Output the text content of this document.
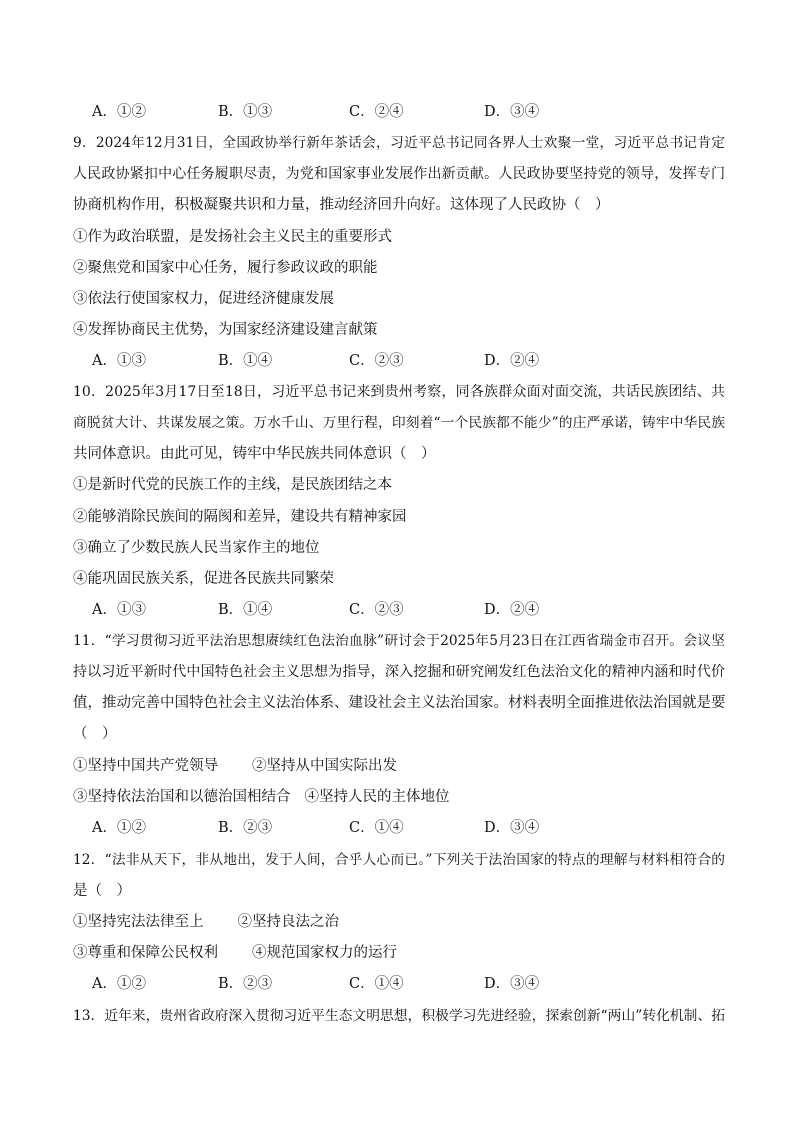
A．①②	B．①③	C．②④	D．③④
9．2024年12月31日，全国政协举行新年茶话会，习近平总书记同各界人士欢聚一堂，习近平总书记肯定
人民政协紧扣中心任务履职尽责，为党和国家事业发展作出新贡献。人民政协要坚持党的领导，发挥专门
协商机构作用，积极凝聚共识和力量，推动经济回升向好。这体现了人民政协（　）
①作为政治联盟，是发扬社会主义民主的重要形式
②聚焦党和国家中心任务，履行参政议政的职能
③依法行使国家权力，促进经济健康发展
④发挥协商民主优势，为国家经济建设建言献策
A．①③	B．①④	C．②③	D．②④
10．2025年3月17日至18日，习近平总书记来到贵州考察，同各族群众面对面交流，共话民族团结、共
商脱贫大计、共谋发展之策。万水千山、万里行程，印刻着“一个民族都不能少”的庄严承诺，铸牢中华民族
共同体意识。由此可见，铸牢中华民族共同体意识（　）
①是新时代党的民族工作的主线，是民族团结之本
②能够消除民族间的隔阂和差异，建设共有精神家园
③确立了少数民族人民当家作主的地位
④能巩固民族关系，促进各民族共同繁荣
A．①③	B．①④	C．②③	D．②④
11．“学习贯彻习近平法治思想赓续红色法治血脉”研讨会于2025年5月23日在江西省瑞金市召开。会议坚
持以习近平新时代中国特色社会主义思想为指导，深入挖掘和研究阐发红色法治文化的精神内涵和时代价
值，推动完善中国特色社会主义法治体系、建设社会主义法治国家。材料表明全面推进依法治国就是要
（　）
①坚持中国共产党领导 ②坚持从中国实际出发
③坚持依法治国和以德治国相结合 ④坚持人民的主体地位
A．①②	B．②③	C．①④	D．③④
12．“法非从天下，非从地出，发于人间，合乎人心而已。”下列关于法治国家的特点的理解与材料相符合的
是（　）
①坚持宪法法律至上 ②坚持良法之治
③尊重和保障公民权利 ④规范国家权力的运行
A．①②	B．②③	C．①④	D．③④
13．近年来，贵州省政府深入贯彻习近平生态文明思想，积极学习先进经验，探索创新“两山”转化机制、拓
